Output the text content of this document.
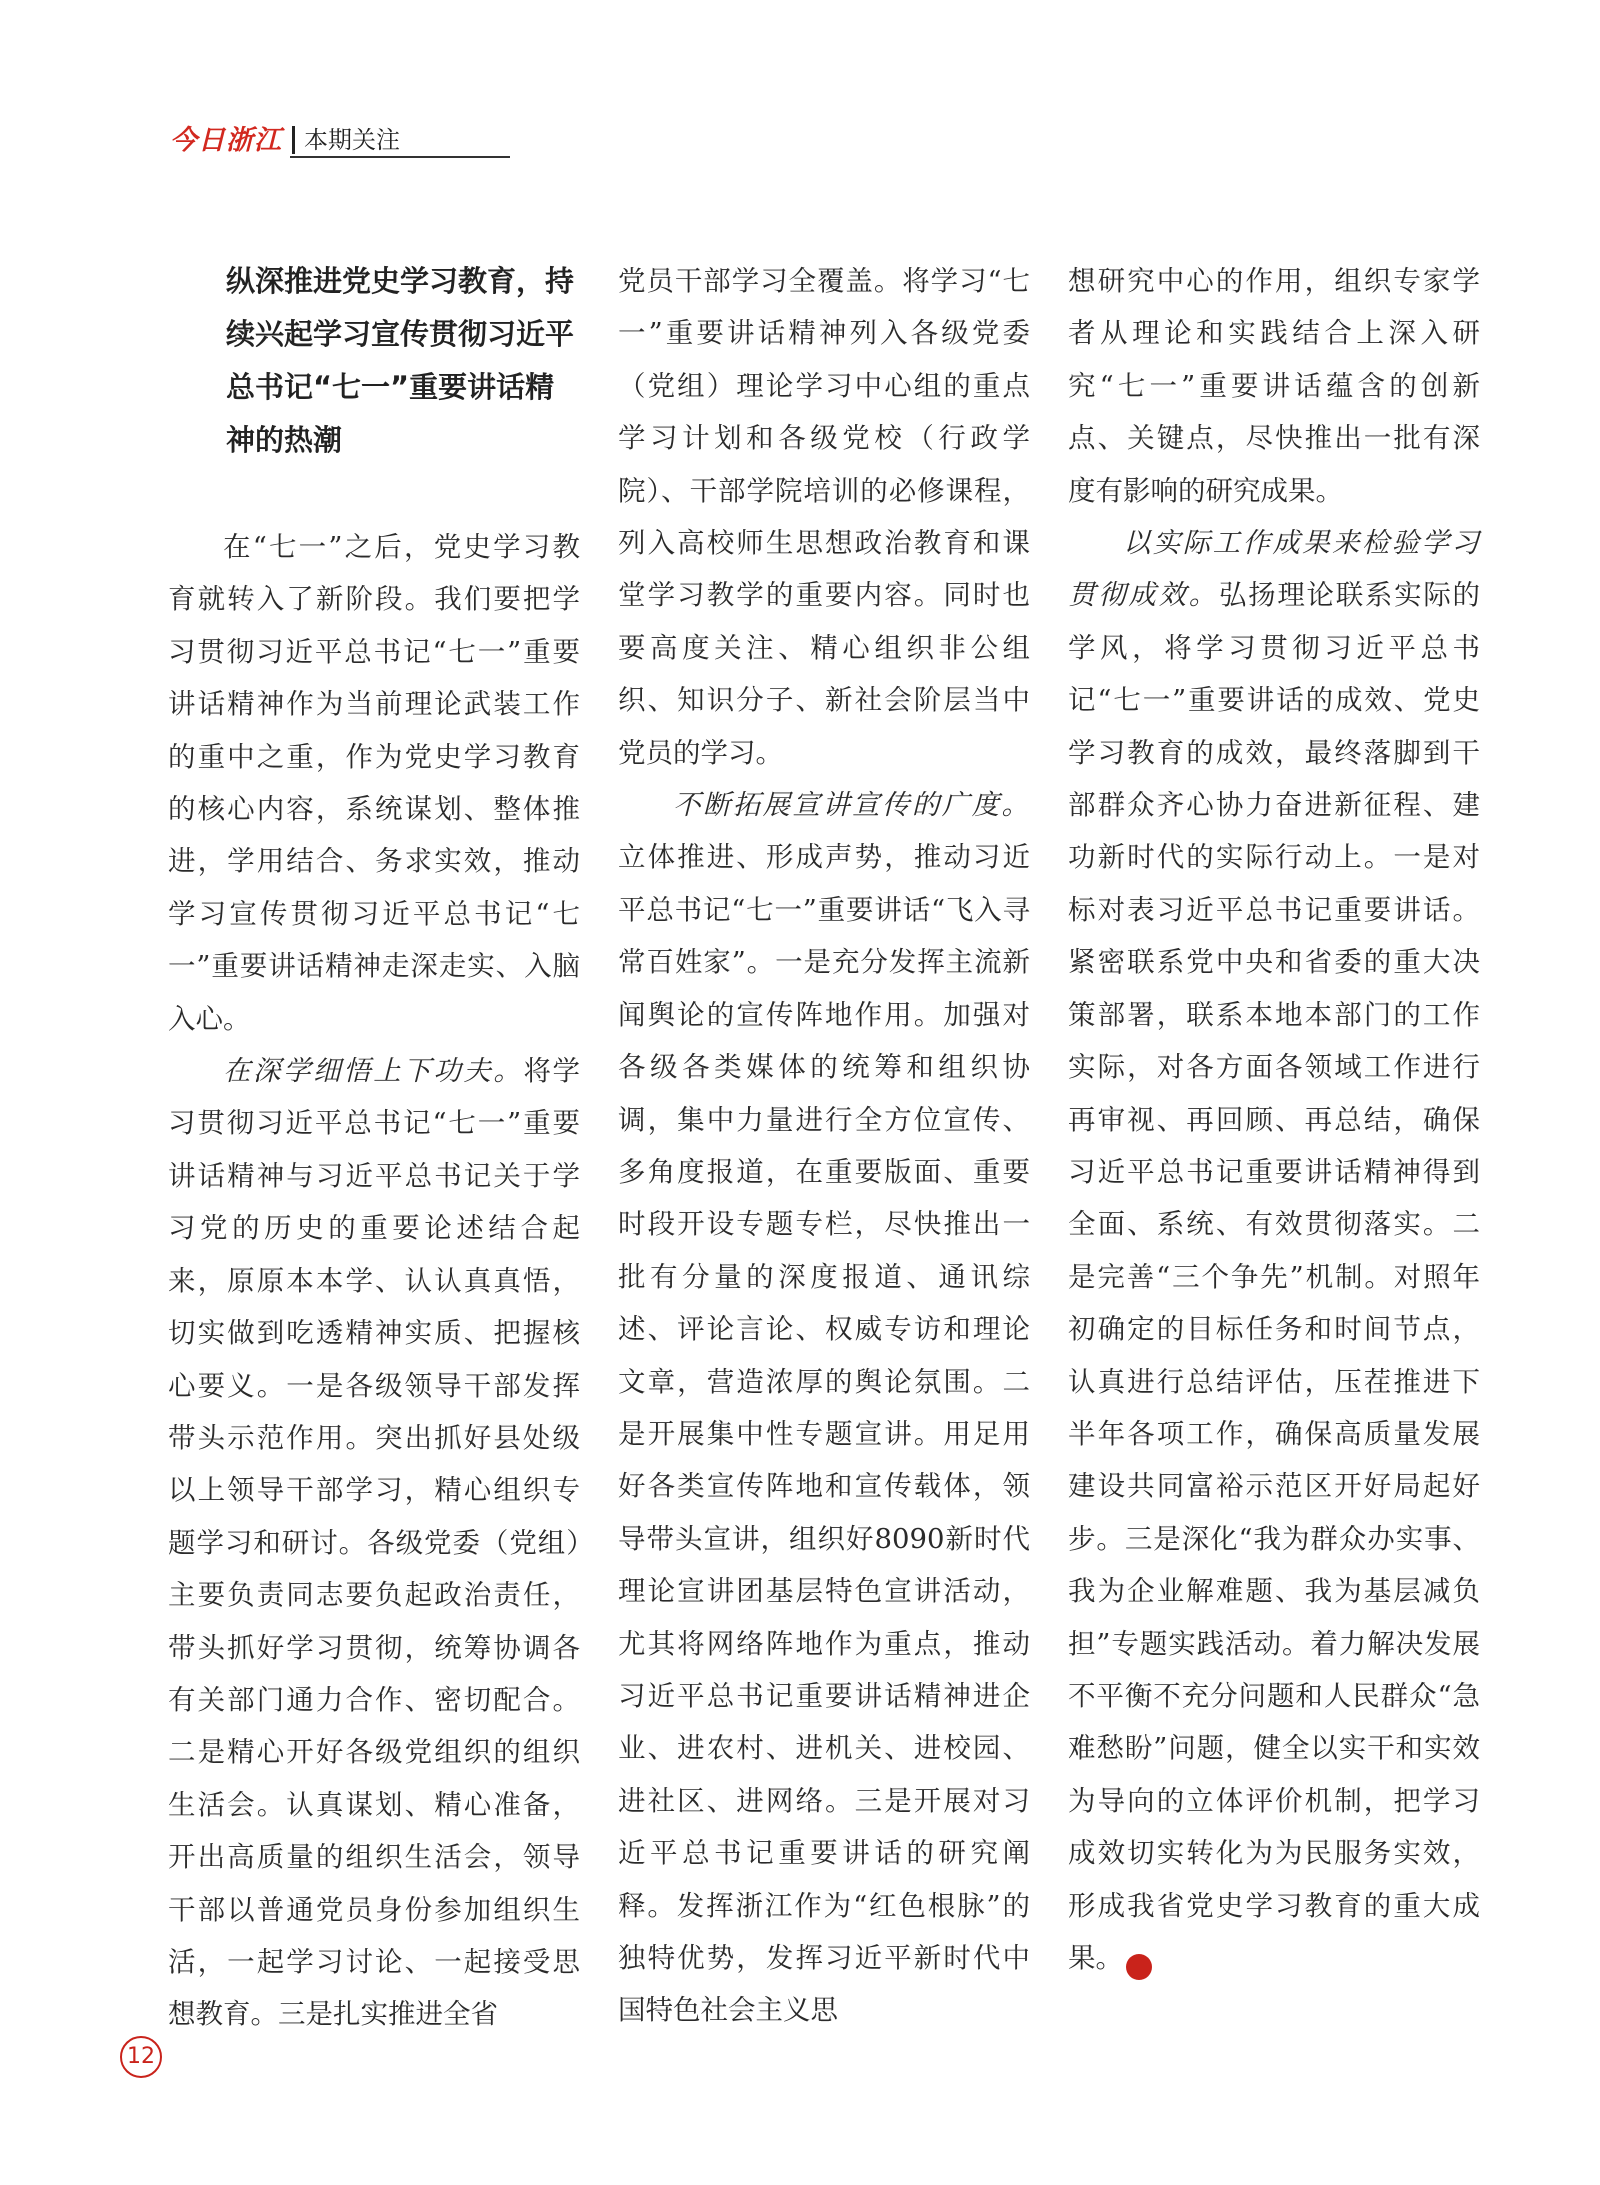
今日浙江 本期关注

纵深推进党史学习教育，持续兴起学习宣传贯彻习近平总书记“七一”重要讲话精神的热潮

在“七一”之后，党史学习教育就转入了新阶段。我们要把学习贯彻习近平总书记“七一”重要讲话精神作为当前理论武装工作的重中之重，作为党史学习教育的核心内容，系统谋划、整体推进，学用结合、务求实效，推动学习宣传贯彻习近平总书记“七一”重要讲话精神走深走实、入脑入心。

在深学细悟上下功夫。将学习贯彻习近平总书记“七一”重要讲话精神与习近平总书记关于学习党的历史的重要论述结合起来，原原本本学、认认真真悟，切实做到吃透精神实质、把握核心要义。一是各级领导干部发挥带头示范作用。突出抓好县处级以上领导干部学习，精心组织专题学习和研讨。各级党委（党组）主要负责同志要负起政治责任，带头抓好学习贯彻，统筹协调各有关部门通力合作、密切配合。二是精心开好各级党组织的组织生活会。认真谋划、精心准备，开出高质量的组织生活会，领导干部以普通党员身份参加组织生活，一起学习讨论、一起接受思想教育。三是扎实推进全省

党员干部学习全覆盖。将学习“七一”重要讲话精神列入各级党委（党组）理论学习中心组的重点学习计划和各级党校（行政学院）、干部学院培训的必修课程，列入高校师生思想政治教育和课堂学习教学的重要内容。同时也要高度关注、精心组织非公组织、知识分子、新社会阶层当中党员的学习。

不断拓展宣讲宣传的广度。立体推进、形成声势，推动习近平总书记“七一”重要讲话“飞入寻常百姓家”。一是充分发挥主流新闻舆论的宣传阵地作用。加强对各级各类媒体的统筹和组织协调，集中力量进行全方位宣传、多角度报道，在重要版面、重要时段开设专题专栏，尽快推出一批有分量的深度报道、通讯综述、评论言论、权威专访和理论文章，营造浓厚的舆论氛围。二是开展集中性专题宣讲。用足用好各类宣传阵地和宣传载体，领导带头宣讲，组织好8090新时代理论宣讲团基层特色宣讲活动，尤其将网络阵地作为重点，推动习近平总书记重要讲话精神进企业、进农村、进机关、进校园、进社区、进网络。三是开展对习近平总书记重要讲话的研究阐释。发挥浙江作为“红色根脉”的独特优势，发挥习近平新时代中国特色社会主义思

想研究中心的作用，组织专家学者从理论和实践结合上深入研究“七一”重要讲话蕴含的创新点、关键点，尽快推出一批有深度有影响的研究成果。

以实际工作成果来检验学习贯彻成效。弘扬理论联系实际的学风，将学习贯彻习近平总书记“七一”重要讲话的成效、党史学习教育的成效，最终落脚到干部群众齐心协力奋进新征程、建功新时代的实际行动上。一是对标对表习近平总书记重要讲话。紧密联系党中央和省委的重大决策部署，联系本地本部门的工作实际，对各方面各领域工作进行再审视、再回顾、再总结，确保习近平总书记重要讲话精神得到全面、系统、有效贯彻落实。二是完善“三个争先”机制。对照年初确定的目标任务和时间节点，认真进行总结评估，压茬推进下半年各项工作，确保高质量发展建设共同富裕示范区开好局起好步。三是深化“我为群众办实事、我为企业解难题、我为基层减负担”专题实践活动。着力解决发展不平衡不充分问题和人民群众“急难愁盼”问题，健全以实干和实效为导向的立体评价机制，把学习成效切实转化为为民服务实效，形成我省党史学习教育的重大成果。	今

12
